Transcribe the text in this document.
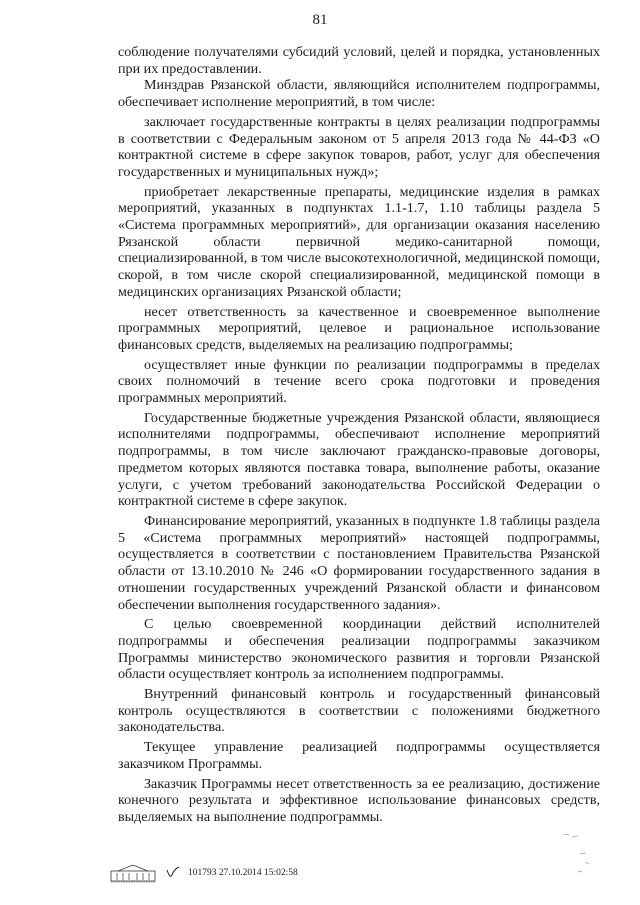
81

соблюдение получателями субсидий условий, целей и порядка, установленных при их предоставлении.

Минздрав Рязанской области, являющийся исполнителем подпрограммы, обеспечивает исполнение мероприятий, в том числе:

заключает государственные контракты в целях реализации подпрограммы в соответствии с Федеральным законом от 5 апреля 2013 года № 44-ФЗ «О контрактной системе в сфере закупок товаров, работ, услуг для обеспечения государственных и муниципальных нужд»;

приобретает лекарственные препараты, медицинские изделия в рамках мероприятий, указанных в подпунктах 1.1-1.7, 1.10 таблицы раздела 5 «Система программных мероприятий», для организации оказания населению Рязанской области первичной медико-санитарной помощи, специализированной, в том числе высокотехнологичной, медицинской помощи, скорой, в том числе скорой специализированной, медицинской помощи в медицинских организациях Рязанской области;

несет ответственность за качественное и своевременное выполнение программных мероприятий, целевое и рациональное использование финансовых средств, выделяемых на реализацию подпрограммы;

осуществляет иные функции по реализации подпрограммы в пределах своих полномочий в течение всего срока подготовки и проведения программных мероприятий.

Государственные бюджетные учреждения Рязанской области, являющиеся исполнителями подпрограммы, обеспечивают исполнение мероприятий подпрограммы, в том числе заключают гражданско-правовые договоры, предметом которых являются поставка товара, выполнение работы, оказание услуги, с учетом требований законодательства Российской Федерации о контрактной системе в сфере закупок.

Финансирование мероприятий, указанных в подпункте 1.8 таблицы раздела 5 «Система программных мероприятий» настоящей подпрограммы, осуществляется в соответствии с постановлением Правительства Рязанской области от 13.10.2010 № 246 «О формировании государственного задания в отношении государственных учреждений Рязанской области и финансовом обеспечении выполнения государственного задания».

С целью своевременной координации действий исполнителей подпрограммы и обеспечения реализации подпрограммы заказчиком Программы министерство экономического развития и торговли Рязанской области осуществляет контроль за исполнением подпрограммы.

Внутренний финансовый контроль и государственный финансовый контроль осуществляются в соответствии с положениями бюджетного законодательства.

Текущее управление реализацией подпрограммы осуществляется заказчиком Программы.

Заказчик Программы несет ответственность за ее реализацию, достижение конечного результата и эффективное использование финансовых средств, выделяемых на выполнение подпрограммы.

101793 27.10.2014 15:02:58
